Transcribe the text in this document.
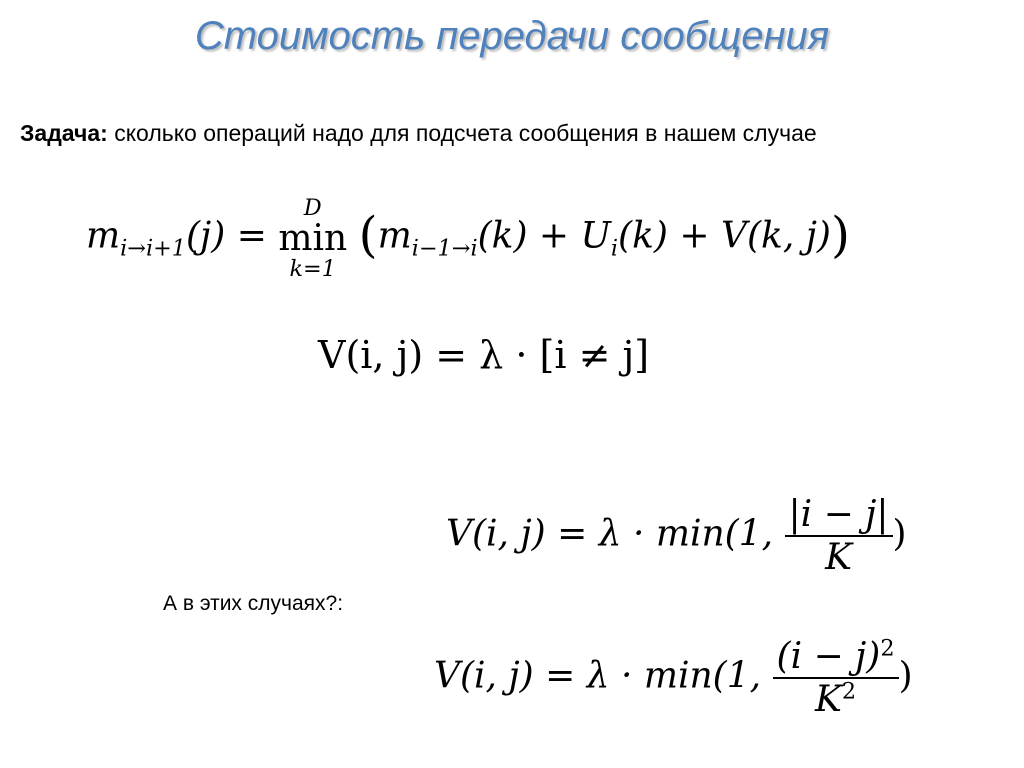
Стоимость передачи сообщения
Задача: сколько операций надо для подсчета сообщения в нашем случае
$m_{i\to i+1}(j)$ =
D
min
k=1
($m_{i-1\to i}(k) + U_i(k) + V(k$, j))
V(i, j) = λ · [i ≠ j]
V(i, j) = λ · min(1, $\frac{|i - j|}{K}$ )
А в этих случаях?:
V(i, j) = λ · min(1, $\frac{(i - j)^2}{K^2}$ )
